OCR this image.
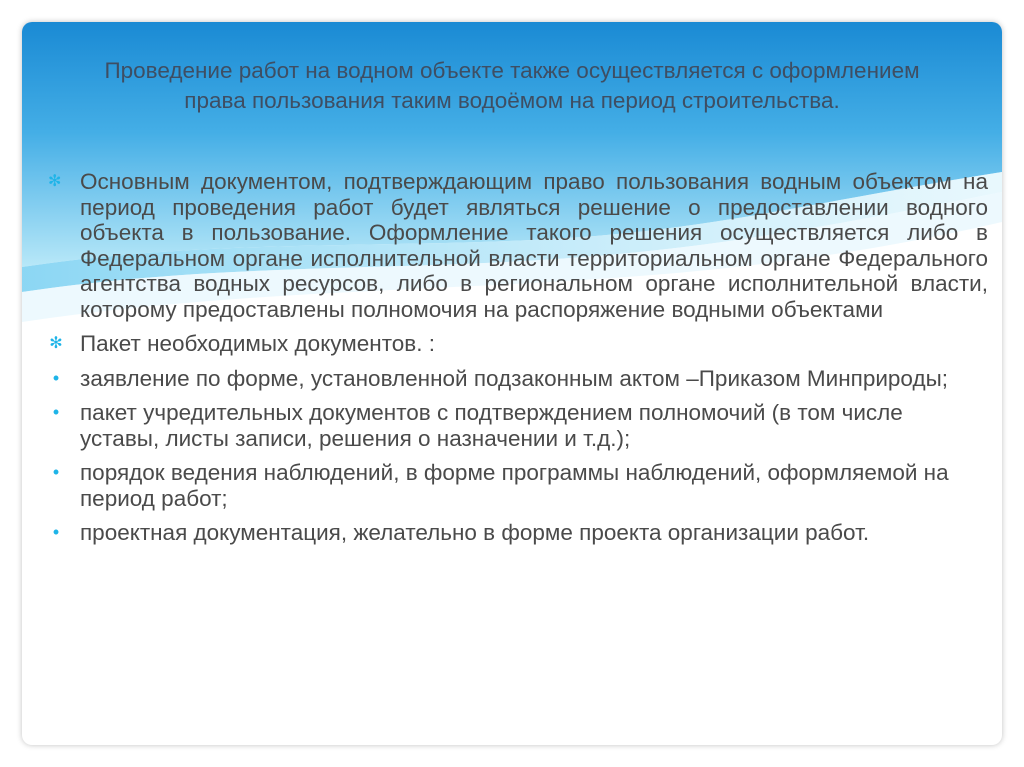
Проведение работ на водном объекте также осуществляется с оформлением права пользования таким водоёмом на период строительства.
✻ Основным документом, подтверждающим право пользования водным объектом на период проведения работ будет являться решение о предоставлении водного объекта в пользование. Оформление такого решения осуществляется либо в Федеральном органе исполнительной власти территориальном органе Федерального агентства водных ресурсов, либо в региональном органе исполнительной власти, которому предоставлены полномочия на распоряжение водными объектами
✻ Пакет необходимых документов. :
• заявление по форме, установленной подзаконным актом –Приказом Минприроды;
• пакет учредительных документов с подтверждением полномочий (в том числе уставы, листы записи, решения о назначении и т.д.);
• порядок ведения наблюдений, в форме программы наблюдений, оформляемой на период работ;
• проектная документация, желательно в форме проекта организации работ.
